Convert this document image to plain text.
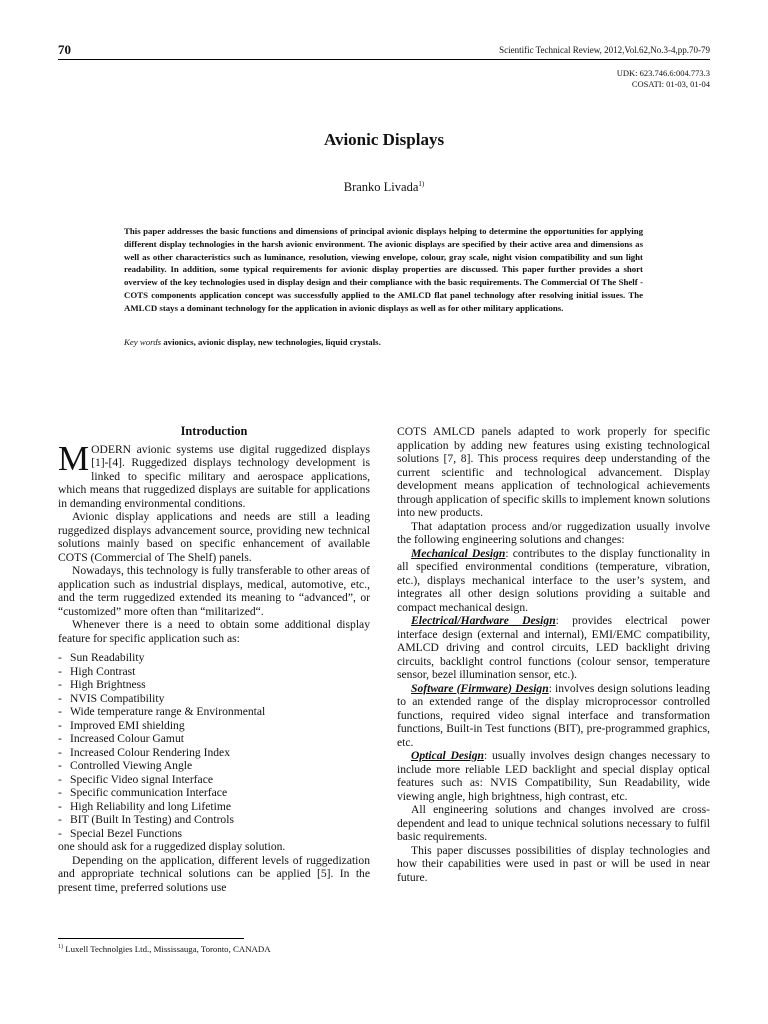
70	Scientific Technical Review, 2012,Vol.62,No.3-4,pp.70-79
UDK: 623.746.6:004.773.3
COSATI: 01-03, 01-04
Avionic Displays
Branko Livada$^{1)}$
This paper addresses the basic functions and dimensions of principal avionic displays helping to determine the opportunities for applying different display technologies in the harsh avionic environment. The avionic displays are specified by their active area and dimensions as well as other characteristics such as luminance, resolution, viewing envelope, colour, gray scale, night vision compatibility and sun light readability. In addition, some typical requirements for avionic display properties are discussed. This paper further provides a short overview of the key technologies used in display design and their compliance with the basic requirements. The Commercial Of The Shelf - COTS components application concept was successfully applied to the AMLCD flat panel technology after resolving initial issues. The AMLCD stays a dominant technology for the application in avionic displays as well as for other military applications.
Key words avionics, avionic display, new technologies, liquid crystals.
Introduction

MODERN avionic systems use digital ruggedized displays [1]-[4]. Ruggedized displays technology development is linked to specific military and aerospace applications, which means that ruggedized displays are suitable for applications in demanding environmental conditions.

Avionic display applications and needs are still a leading ruggedized displays advancement source, providing new technical solutions mainly based on specific enhancement of available COTS (Commercial of The Shelf) panels.

Nowadays, this technology is fully transferable to other areas of application such as industrial displays, medical, automotive, etc., and the term ruggedized extended its meaning to “advanced”, or “customized” more often than “militarized“.

Whenever there is a need to obtain some additional display feature for specific application such as:

- Sun Readability
- High Contrast
- High Brightness
- NVIS Compatibility
- Wide temperature range & Environmental
- Improved EMI shielding
- Increased Colour Gamut
- Increased Colour Rendering Index
- Controlled Viewing Angle
- Specific Video signal Interface
- Specific communication Interface
- High Reliability and long Lifetime
- BIT (Built In Testing) and Controls
- Special Bezel Functions

one should ask for a ruggedized display solution.

Depending on the application, different levels of ruggedization and appropriate technical solutions can be applied [5]. In the present time, preferred solutions use

COTS AMLCD panels adapted to work properly for specific application by adding new features using existing technological solutions [7, 8]. This process requires deep understanding of the current scientific and technological advancement. Display development means application of technological achievements through application of specific skills to implement known solutions into new products.

That adaptation process and/or ruggedization usually involve the following engineering solutions and changes:

Mechanical Design: contributes to the display functionality in all specified environmental conditions (temperature, vibration, etc.), displays mechanical interface to the user’s system, and integrates all other design solutions providing a suitable and compact mechanical design.

Electrical/Hardware Design: provides electrical power interface design (external and internal), EMI/EMC compatibility, AMLCD driving and control circuits, LED backlight driving circuits, backlight control functions (colour sensor, temperature sensor, bezel illumination sensor, etc.).

Software (Firmware) Design: involves design solutions leading to an extended range of the display microprocessor controlled functions, required video signal interface and transformation functions, Built-in Test functions (BIT), pre-programmed graphics, etc.

Optical Design: usually involves design changes necessary to include more reliable LED backlight and special display optical features such as: NVIS Compatibility, Sun Readability, wide viewing angle, high brightness, high contrast, etc.

All engineering solutions and changes involved are cross-dependent and lead to unique technical solutions necessary to fulfil basic requirements.

This paper discusses possibilities of display technologies and how their capabilities were used in past or will be used in near future.

$^{1)}$ Luxell Technolgies Ltd., Mississauga, Toronto, CANADA
